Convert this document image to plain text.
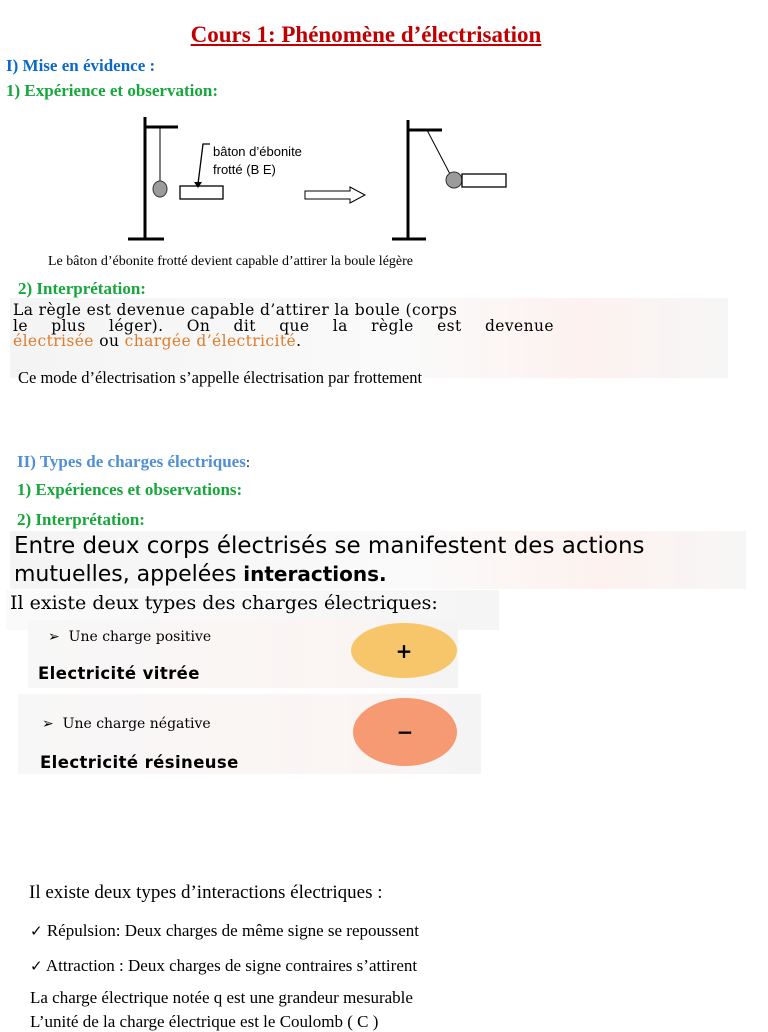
Cours 1: Phénomène d’électrisation
I) Mise en évidence :
1) Expérience et observation:
bâton d’ébonite
frotté (B E)
Le bâton d’ébonite frotté devient capable d’attirer la boule légère
2) Interprétation:
La règle est devenue capable d’attirer la boule (corps
le plus léger). On dit que la règle est devenue
électrisée ou chargée d’électricité.
Ce mode d’électrisation s’appelle électrisation par frottement
II) Types de charges électriques:
1) Expériences et observations:
2) Interprétation:
Entre deux corps électrisés se manifestent des actions
mutuelles, appelées interactions.
Il existe deux types des charges électriques:
➢ Une charge positive
Electricité vitrée
+
➢ Une charge négative
Electricité résineuse
−
Il existe deux types d’interactions électriques :
✓ Répulsion: Deux charges de même signe se repoussent
✓ Attraction : Deux charges de signe contraires s’attirent
La charge électrique notée q est une grandeur mesurable
L’unité de la charge électrique est le Coulomb ( C )
